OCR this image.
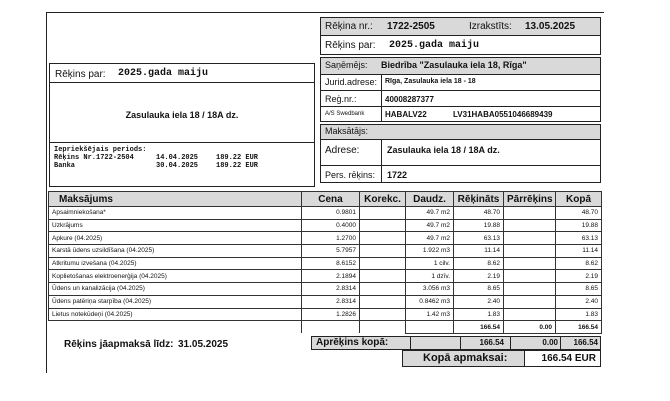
Rēķina nr.: 1722-2505	Izrakstīts: 13.05.2025
Rēķins par: 2025.gada maiju
Saņēmējs: Biedrība "Zasulauka iela 18, Rīga"
Jurid.adrese: Rīga, Zasulauka iela 18 - 18
Reģ.nr.:	40008287377
A/S Swedbank	HABALV22	LV31HABA0551046689439
Maksātājs:
Adrese:	Zasulauka iela 18 / 18A dz.
Pers. rēķins: 1722
Rēķins par: 2025.gada maiju
Zasulauka iela 18 / 18A dz.
Iepriekšējais periods:
Rēķins Nr.1722-2504	14.04.2025	189.22 EUR
Banka	30.04.2025	189.22 EUR
Maksājums	Cena	Korekc.	Daudz.	Rēķināts	Pārrēķins	Kopā
Apsaimniekošana*	0.9801		49.7 m2	48.70		48.70
Uzkrājums	0.4000		49.7 m2	19.88		19.88
Apkure (04.2025)	1.2700		49.7 m2	63.13		63.13
Karstā ūdens uzsildīšana (04.2025)	5.7957		1.922 m3	11.14		11.14
Atkritumu izvešana (04.2025)	8.6152		1 cilv.	8.62		8.62
Koplietošanas elektroenerģija (04.2025)	2.1894		1 dzīv.	2.19		2.19
Ūdens un kanalizācija (04.2025)	2.8314		3.056 m3	8.65		8.65
Ūdens patēriņa starpība (04.2025)	2.8314		0.8462 m3	2.40		2.40
Lietus notekūdeņi (04.2025)	1.2826		1.42 m3	1.83		1.83
				166.54	0.00	166.54
Rēķins jāapmaksā līdz: 31.05.2025	Aprēķins kopā:	166.54	0.00	166.54
Kopā apmaksai:	166.54 EUR
